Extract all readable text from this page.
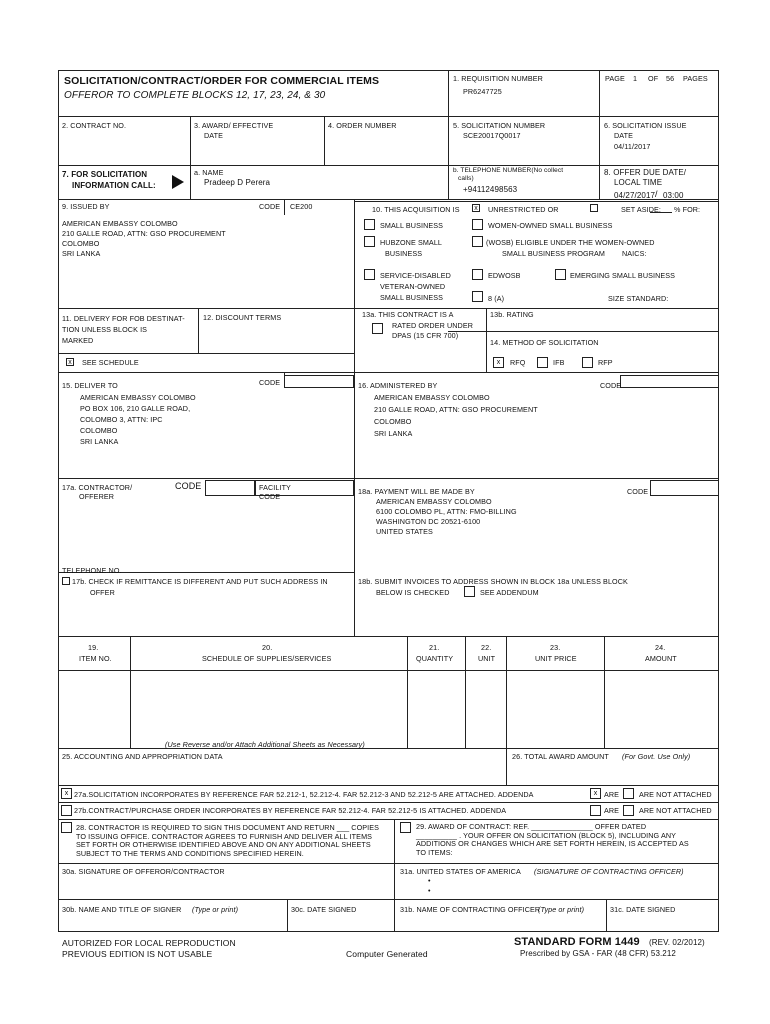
SOLICITATION/CONTRACT/ORDER FOR COMMERCIAL ITEMS
OFFEROR TO COMPLETE BLOCKS 12, 17, 23, 24, & 30
1. REQUISITION NUMBER
PR6247725
PAGE 1 OF 56 PAGES
2. CONTRACT NO.	3. AWARD/ EFFECTIVE
DATE
4. ORDER NUMBER	5. SOLICITATION NUMBER
SCE20017Q0017
6. SOLICITATION ISSUE
DATE
04/11/2017
7. FOR SOLICITATION
INFORMATION CALL:
a. NAME
Pradeep D Perera
b. TELEPHONE NUMBER(No collect
calls)
+94112498563
8. OFFER DUE DATE/
LOCAL TIME
04/27/2017 / 03:00
9. ISSUED BY	CODE CE200
AMERICAN EMBASSY COLOMBO
210 GALLE ROAD, ATTN: GSO PROCUREMENT
COLOMBO
SRI LANKA
10. THIS ACQUISITION IS	x	UNRESTRICTED OR	SET ASIDE: % FOR:
SMALL BUSINESS	WOMEN-OWNED SMALL BUSINESS
HUBZONE SMALL
BUSINESS
(WOSB) ELIGIBLE UNDER THE WOMEN-OWNED
SMALL BUSINESS PROGRAM NAICS:
SERVICE-DISABLED
VETERAN-OWNED
SMALL BUSINESS
EDWOSB	EMERGING SMALL BUSINESS
8 (A)	SIZE STANDARD:
11. DELIVERY FOR FOB DESTINAT-
TION UNLESS BLOCK IS
MARKED
x	SEE SCHEDULE
12. DISCOUNT TERMS	13a. THIS CONTRACT IS A
RATED ORDER UNDER
DPAS (15 CFR 700)
13b. RATING
14. METHOD OF SOLICITATION
x	RFQ	IFB	RFP
15. DELIVER TO	CODE
AMERICAN EMBASSY COLOMBO
PO BOX 106, 210 GALLE ROAD,
COLOMBO 3, ATTN: IPC
COLOMBO
SRI LANKA
16. ADMINISTERED BY	CODE
AMERICAN EMBASSY COLOMBO
210 GALLE ROAD, ATTN: GSO PROCUREMENT
COLOMBO
SRI LANKA
17a. CONTRACTOR/
OFFERER
CODE	FACILITY
CODE
18a. PAYMENT WILL BE MADE BY	CODE
AMERICAN EMBASSY COLOMBO
6100 COLOMBO PL, ATTN: FMO-BILLING
WASHINGTON DC 20521-6100
UNITED STATES
TELEPHONE NO.
17b. CHECK IF REMITTANCE IS DIFFERENT AND PUT SUCH ADDRESS IN
OFFER
18b. SUBMIT INVOICES TO ADDRESS SHOWN IN BLOCK 18a UNLESS BLOCK
BELOW IS CHECKED	SEE ADDENDUM
19.
ITEM NO.
20.
SCHEDULE OF SUPPLIES/SERVICES
21.
QUANTITY
22.
UNIT
23.
UNIT PRICE
24.
AMOUNT
(Use Reverse and/or Attach Additional Sheets as Necessary)
25. ACCOUNTING AND APPROPRIATION DATA	26. TOTAL AWARD AMOUNT (For Govt. Use Only)
x 27a.SOLICITATION INCORPORATES BY REFERENCE FAR 52.212-1, 52.212-4. FAR 52.212-3 AND 52.212-5 ARE ATTACHED. ADDENDA	x ARE	ARE NOT ATTACHED
27b.CONTRACT/PURCHASE ORDER INCORPORATES BY REFERENCE FAR 52.212-4. FAR 52.212-5 IS ATTACHED. ADDENDA	ARE	ARE NOT ATTACHED
28. CONTRACTOR IS REQUIRED TO SIGN THIS DOCUMENT AND RETURN ___ COPIES
TO ISSUING OFFICE. CONTRACTOR AGREES TO FURNISH AND DELIVER ALL ITEMS
SET FORTH OR OTHERWISE IDENTIFIED ABOVE AND ON ANY ADDITIONAL SHEETS
SUBJECT TO THE TERMS AND CONDITIONS SPECIFIED HEREIN.
29. AWARD OF CONTRACT: REF. _______________ OFFER DATED
__________ . YOUR OFFER ON SOLICITATION (BLOCK 5), INCLUDING ANY
ADDITIONS OR CHANGES WHICH ARE SET FORTH HEREIN, IS ACCEPTED AS
TO ITEMS:
30a. SIGNATURE OF OFFEROR/CONTRACTOR	31a. UNITED STATES OF AMERICA (SIGNATURE OF CONTRACTING OFFICER)
•
•
30b. NAME AND TITLE OF SIGNER (Type or print)	30c. DATE SIGNED	31b. NAME OF CONTRACTING OFFICER
(Type or print)	31c. DATE SIGNED
AUTORIZED FOR LOCAL REPRODUCTION
PREVIOUS EDITION IS NOT USABLE	Computer Generated
STANDARD FORM 1449 (REV. 02/2012)
Prescribed by GSA - FAR (48 CFR) 53.212
